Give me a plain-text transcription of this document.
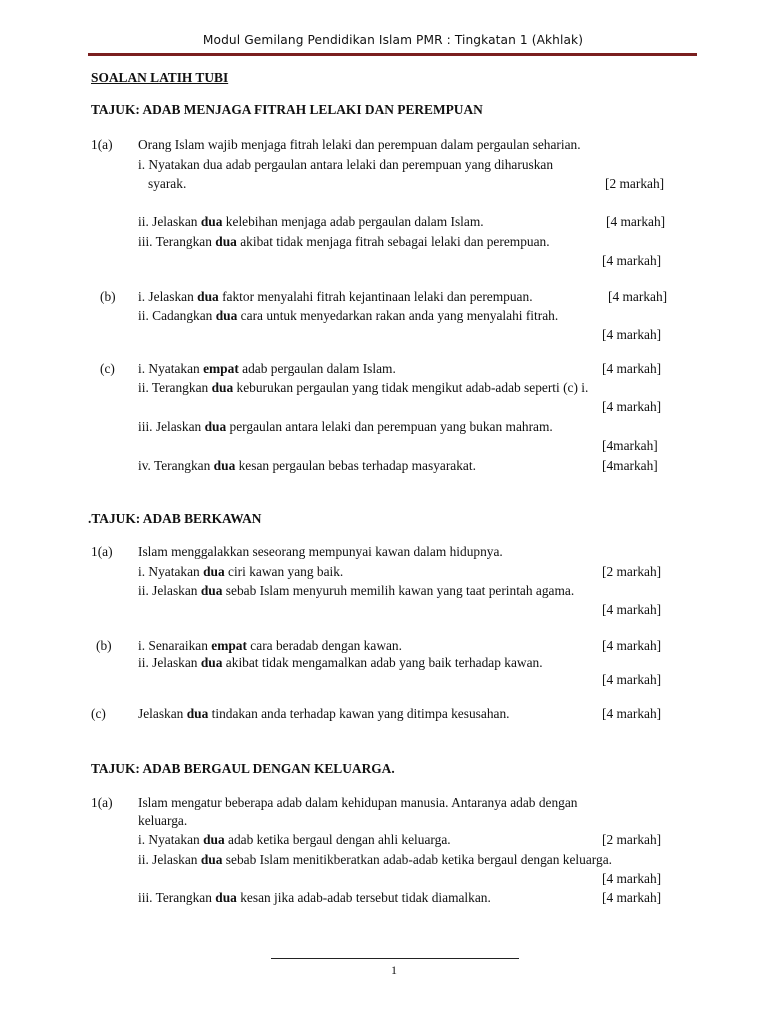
Modul Gemilang Pendidikan Islam PMR : Tingkatan 1 (Akhlak)
SOALAN LATIH TUBI
TAJUK: ADAB MENJAGA FITRAH LELAKI DAN PEREMPUAN
1(a) Orang Islam wajib menjaga fitrah lelaki dan perempuan dalam pergaulan seharian.
i. Nyatakan dua adab pergaulan antara lelaki dan perempuan yang diharuskan
syarak.	[2 markah]
ii. Jelaskan dua kelebihan menjaga adab pergaulan dalam Islam.	[4 markah]
iii. Terangkan dua akibat tidak menjaga fitrah sebagai lelaki dan perempuan.
[4 markah]
(b) i. Jelaskan dua faktor menyalahi fitrah kejantinaan lelaki dan perempuan.	[4 markah]
ii. Cadangkan dua cara untuk menyedarkan rakan anda yang menyalahi fitrah.
[4 markah]
(c) i. Nyatakan empat adab pergaulan dalam Islam.	[4 markah]
ii. Terangkan dua keburukan pergaulan yang tidak mengikut adab-adab seperti (c) i.
[4 markah]
iii. Jelaskan dua pergaulan antara lelaki dan perempuan yang bukan mahram.
[4markah]
iv. Terangkan dua kesan pergaulan bebas terhadap masyarakat.	[4markah]
.TAJUK: ADAB BERKAWAN
1(a) Islam menggalakkan seseorang mempunyai kawan dalam hidupnya.
i. Nyatakan dua ciri kawan yang baik.	[2 markah]
ii. Jelaskan dua sebab Islam menyuruh memilih kawan yang taat perintah agama.
[4 markah]
(b) i. Senaraikan empat cara beradab dengan kawan.	[4 markah]
ii. Jelaskan dua akibat tidak mengamalkan adab yang baik terhadap kawan.
[4 markah]
(c) Jelaskan dua tindakan anda terhadap kawan yang ditimpa kesusahan.	[4 markah]
TAJUK: ADAB BERGAUL DENGAN KELUARGA.
1(a) Islam mengatur beberapa adab dalam kehidupan manusia. Antaranya adab dengan
keluarga.
i. Nyatakan dua adab ketika bergaul dengan ahli keluarga.	[2 markah]
ii. Jelaskan dua sebab Islam menitikberatkan adab-adab ketika bergaul dengan keluarga.
[4 markah]
iii. Terangkan dua kesan jika adab-adab tersebut tidak diamalkan.	[4 markah]
1
